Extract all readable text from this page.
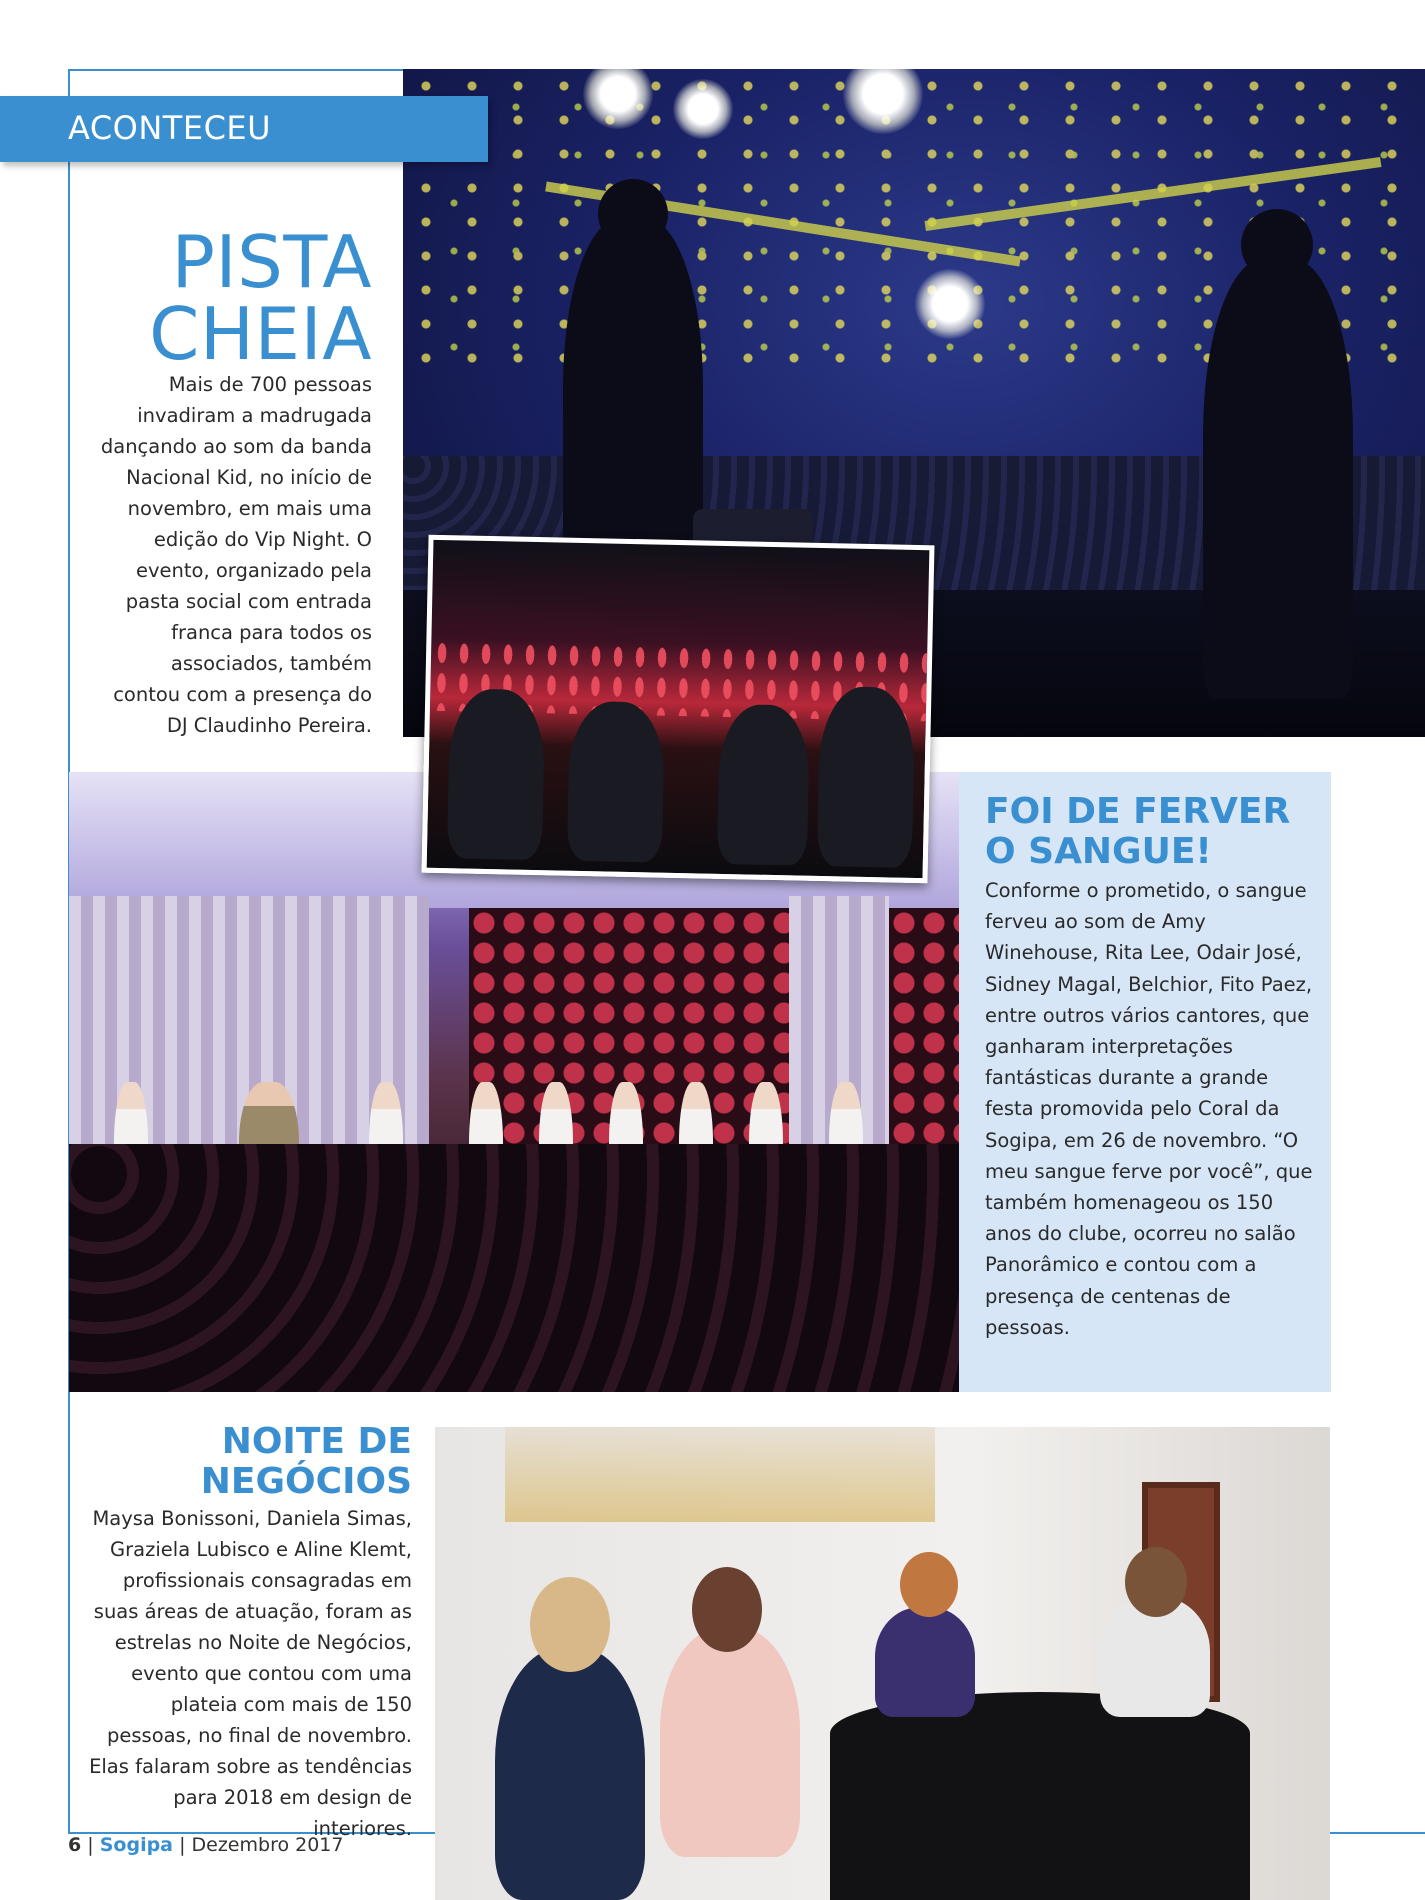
ACONTECEU
PISTA
CHEIA

Mais de 700 pessoas invadiram a madrugada dançando ao som da banda Nacional Kid, no início de novembro, em mais uma edição do Vip Night. O evento, organizado pela pasta social com entrada franca para todos os associados, também contou com a presença do DJ Claudinho Pereira.

FOI DE FERVER
O SANGUE!

Conforme o prometido, o sangue ferveu ao som de Amy Winehouse, Rita Lee, Odair José, Sidney Magal, Belchior, Fito Paez, entre outros vários cantores, que ganharam interpretações fantásticas durante a grande festa promovida pelo Coral da Sogipa, em 26 de novembro. “O meu sangue ferve por você”, que também homenageou os 150 anos do clube, ocorreu no salão Panorâmico e contou com a presença de centenas de pessoas.

NOITE DE
NEGÓCIOS

Maysa Bonissoni, Daniela Simas, Graziela Lubisco e Aline Klemt, profissionais consagradas em suas áreas de atuação, foram as estrelas no Noite de Negócios, evento que contou com uma plateia com mais de 150 pessoas, no final de novembro. Elas falaram sobre as tendências para 2018 em design de interiores.

6 | Sogipa | Dezembro 2017
